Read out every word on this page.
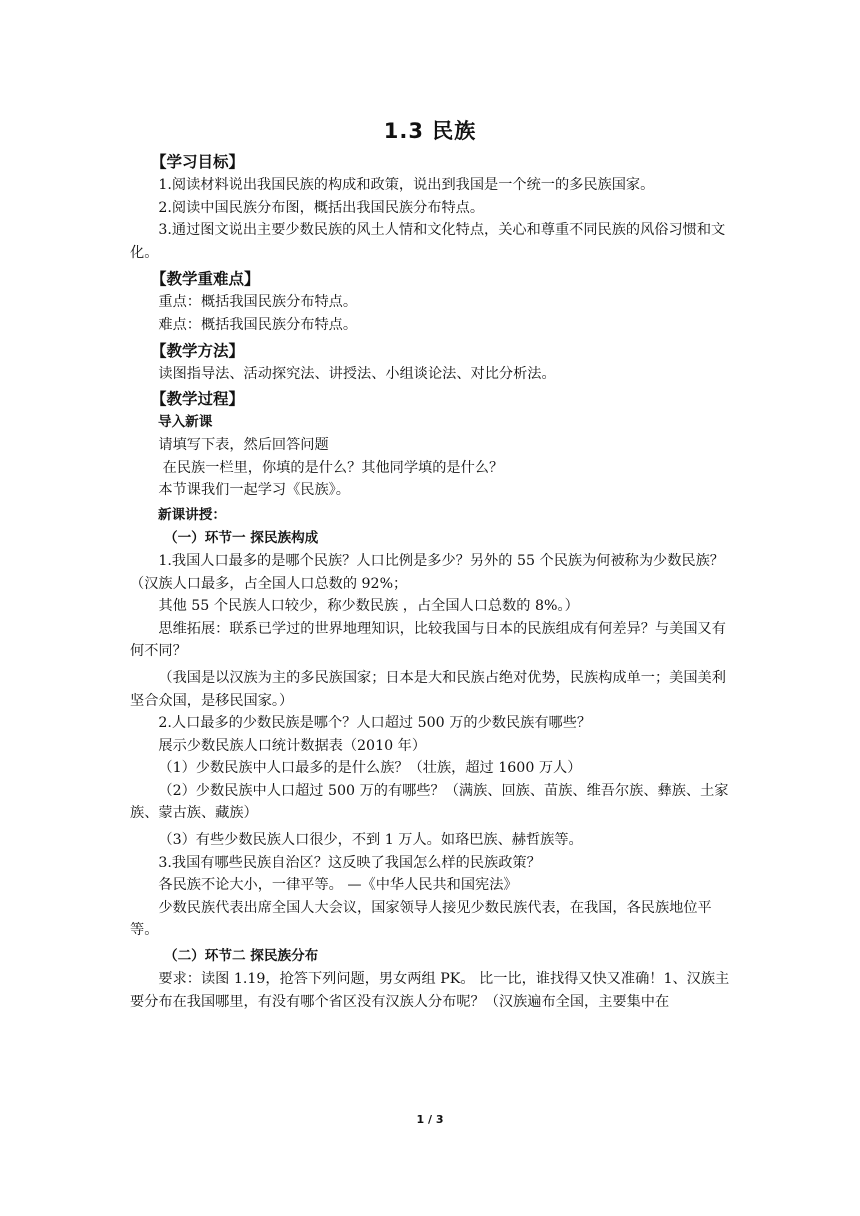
1.3 民族

【学习目标】

1.阅读材料说出我国民族的构成和政策，说出到我国是一个统一的多民族国家。

2.阅读中国民族分布图，概括出我国民族分布特点。

3.通过图文说出主要少数民族的风土人情和文化特点，关心和尊重不同民族的风俗习惯和文化。

【教学重难点】

重点：概括我国民族分布特点。

难点：概括我国民族分布特点。

【教学方法】

读图指导法、活动探究法、讲授法、小组谈论法、对比分析法。

【教学过程】

导入新课

请填写下表，然后回答问题

在民族一栏里，你填的是什么？其他同学填的是什么？

本节课我们一起学习《民族》。

新课讲授：

（一）环节一 探民族构成

1.我国人口最多的是哪个民族？人口比例是多少？另外的 55 个民族为何被称为少数民族？（汉族人口最多，占全国人口总数的 92%；

其他 55 个民族人口较少，称少数民族 ，占全国人口总数的 8%。）

思维拓展：联系已学过的世界地理知识，比较我国与日本的民族组成有何差异？与美国又有何不同？

（我国是以汉族为主的多民族国家；日本是大和民族占绝对优势，民族构成单一；美国美利坚合众国，是移民国家。）

2.人口最多的少数民族是哪个？人口超过 500 万的少数民族有哪些？

展示少数民族人口统计数据表（2010 年）

（1）少数民族中人口最多的是什么族？（壮族，超过 1600 万人）

（2）少数民族中人口超过 500 万的有哪些？（满族、回族、苗族、维吾尔族、彝族、土家族、蒙古族、藏族）

（3）有些少数民族人口很少，不到 1 万人。如珞巴族、赫哲族等。

3.我国有哪些民族自治区？这反映了我国怎么样的民族政策？

各民族不论大小，一律平等。 —《中华人民共和国宪法》

少数民族代表出席全国人大会议，国家领导人接见少数民族代表，在我国，各民族地位平等。

（二）环节二 探民族分布

要求：读图 1.19，抢答下列问题，男女两组 PK。 比一比，谁找得又快又准确！1、汉族主要分布在我国哪里，有没有哪个省区没有汉族人分布呢？（汉族遍布全国，主要集中在

1 / 3
